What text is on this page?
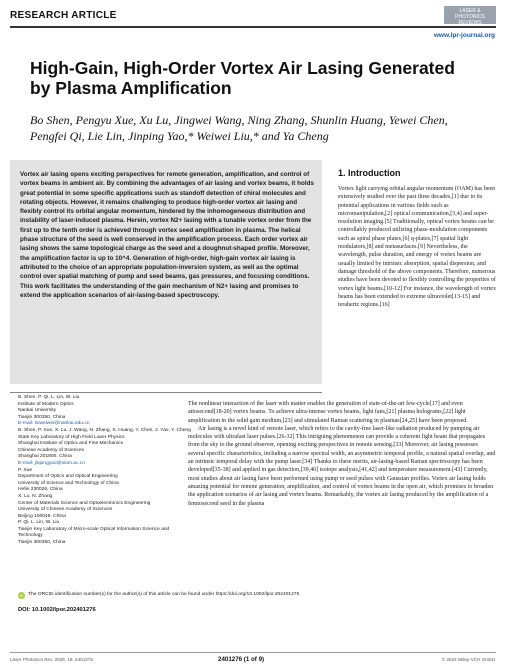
RESEARCH ARTICLE	LASER & PHOTONICS REVIEWS
www.lpr-journal.org
High-Gain, High-Order Vortex Air Lasing Generated by Plasma Amplification
Bo Shen, Pengyu Xue, Xu Lu, Jingwei Wang, Ning Zhang, Shunlin Huang, Yewei Chen, Pengfei Qi, Lie Lin, Jinping Yao,* Weiwei Liu,* and Ya Cheng
Vortex air lasing opens exciting perspectives for remote generation, amplification, and control of vortex beams in ambient air. By combining the advantages of air lasing and vortex beams, it holds great potential in some specific applications such as standoff detection of chiral molecules and rotating objects. However, it remains challenging to produce high-order vortex air lasing and flexibly control its orbital angular momentum, hindered by the inhomogeneous distribution and instability of laser-induced plasma. Herein, vortex N2+ lasing with a tunable vortex order from the first up to the tenth order is achieved through vortex seed amplification in plasma. The helical phase structure of the seed is well conserved in the amplification process. Each order vortex air lasing shows the same topological charge as the seed and a doughnut-shaped profile. Moreover, the amplification factor is up to 10^4. Generation of high-order, high-gain vortex air lasing is attributed to the choice of an appropriate population-inversion system, as well as the optimal control over spatial matching of pump and seed beams, gas pressures, and focusing conditions. This work facilitates the understanding of the gain mechanism of N2+ lasing and promises to extend the application scenarios of air-lasing-based spectroscopy.
B. Shen, P. Qi, L. Lin, W. Liu
Institute of Modern Optics
Nankai University
Tianjin 300350, China
E-mail: liuweiwei@nankai.edu.cn
B. Shen, P. Xue, X. Lu, J. Wang, N. Zhang, S. Huang, Y. Chen, J. Yao, Y. Cheng
State Key Laboratory of High Field Laser Physics
Shanghai Institute of Optics and Fine Mechanics
Chinese Academy of Sciences
Shanghai 201800, China
E-mail: jinpingyao@siom.ac.cn
P. Xue
Department of Optics and Optical Engineering
University of Science and Technology of China
Hefei 230026, China
X. Lu, N. Zhang
Center of Materials Science and Optoelectronics Engineering
University of Chinese Academy of Sciences
Beijing 100049, China
P. Qi, L. Lin, W. Liu
Tianjin Key Laboratory of Micro-scale Optical Information Science and
Technology
Tianjin 300350, China
iD The ORCID identification number(s) for the author(s) of this article can be found under https://doi.org/10.1002/lpor.202401276
DOI: 10.1002/lpor.202401276
1. Introduction

Vortex light carrying orbital angular momentum (OAM) has been extensively studied over the past three decades,[1] due to its potential applications in various fields such as micromanipulation,[2] optical communication,[3,4] and super-resolution imaging.[5] Traditionally, optical vortex beams can be controllably produced utilizing phase-modulation components such as spiral phase plates,[6] q-plates,[7] spatial light modulators,[8] and metasurfaces.[9] Nevertheless, the wavelength, pulse duration, and energy of vortex beams are usually limited by intrinsic absorption, spatial dispersion, and damage threshold of the above components. Therefore, numerous studies have been devoted to flexibly controlling the properties of vortex light beams.[10-12] For instance, the wavelength of vortex beams has been extended to extreme ultraviolet[13-15] and terahertz regions.[16]

The nonlinear interaction of the laser with matter enables the generation of state-of-the-art few-cycle[17] and even attosecond[18-20] vortex beams. To achieve ultra-intense vortex beams, light fans,[21] plasma holograms,[22] light amplification in the solid gain medium,[23] and stimulated Raman scattering in plasmas[24,25] have been proposed.

Air lasing is a novel kind of remote laser, which refers to the cavity-free laser-like radiation produced by pumping air molecules with ultrafast laser pulses.[26-32] This intriguing phenomenon can provide a coherent light beam that propagates from the sky to the ground observer, opening exciting perspectives in remote sensing.[33] Moreover, air lasing possesses several specific characteristics, including a narrow spectral width, an asymmetric temporal profile, a natural spatial overlap, and an intrinsic temporal delay with the pump laser.[34] Thanks to these merits, air-lasing-based Raman spectroscopy has been developed[35-38] and applied in gas detection,[39,40] isotope analysis,[41,42] and temperature measurement.[43] Currently, most studies about air lasing have been performed using pump or seed pulses with Gaussian profiles. Vortex air lasing holds amazing potential for remote generation, amplification, and control of vortex beams in the open air, which promises to broaden the application scenarios of air lasing and vortex beams. Remarkably, the vortex air lasing produced by the amplification of a femtosecond seed in the plasma

Laser Photonics Rev. 2025, 19, 2401276	2401276 (1 of 9)	© 2024 Wiley-VCH GmbH
